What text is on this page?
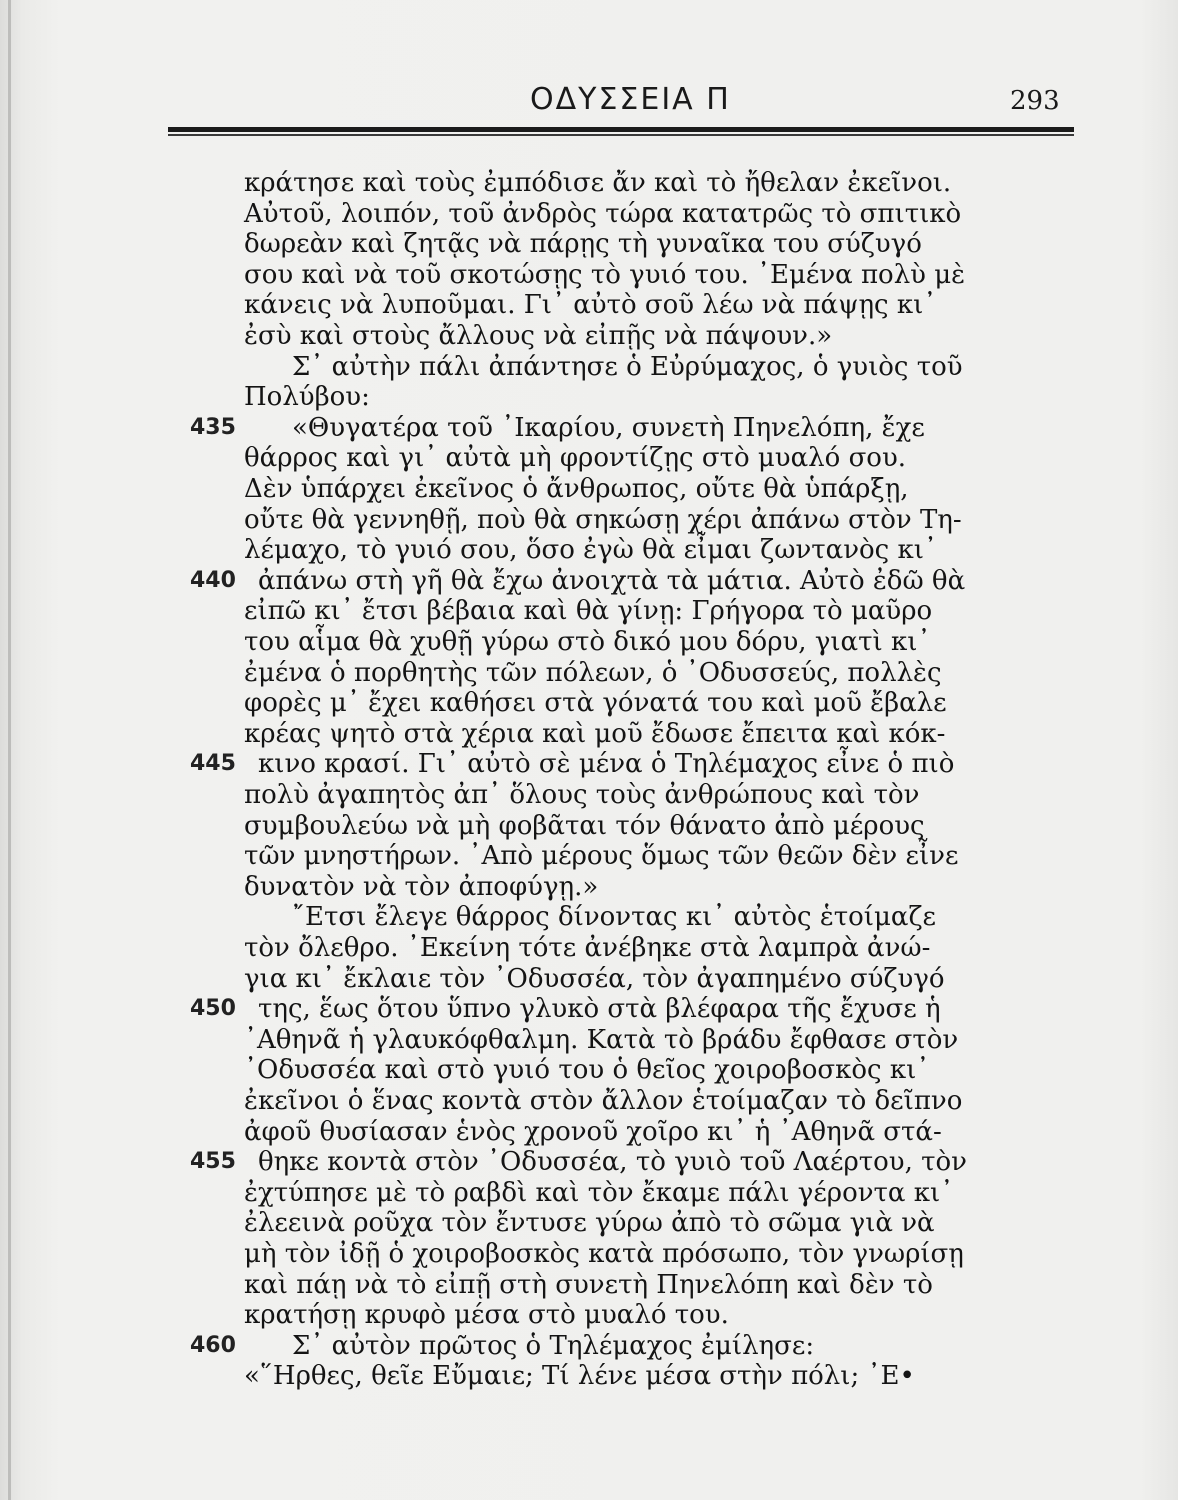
ΟΔΥΣΣΕΙΑ Π	293
κράτησε καὶ τοὺς ἐμπόδισε ἄν καὶ τὸ ἤθελαν ἐκεῖνοι.
Αὐτοῦ, λοιπόν, τοῦ ἀνδρὸς τώρα κατατρῶς τὸ σπιτικὸ
δωρεὰν καὶ ζητᾷς νὰ πάρῃς τὴ γυναῖκα του σύζυγό
σου καὶ νὰ τοῦ σκοτώσῃς τὸ γυιό του. ᾿Εμένα πολὺ μὲ
κάνεις νὰ λυποῦμαι. Γι᾿ αὐτὸ σοῦ λέω νὰ πάψῃς κι᾿
ἐσὺ καὶ στοὺς ἄλλους νὰ εἰπῇς νὰ πάψουν.»
Σ᾿ αὐτὴν πάλι ἀπάντησε ὁ Εὐρύμαχος, ὁ γυιὸς τοῦ
Πολύβου:
435 «Θυγατέρα τοῦ ᾿Ικαρίου, συνετὴ Πηνελόπη, ἔχε
θάρρος καὶ γι᾿ αὐτὰ μὴ φροντίζῃς στὸ μυαλό σου.
Δὲν ὑπάρχει ἐκεῖνος ὁ ἄνθρωπος, οὔτε θὰ ὑπάρξῃ,
οὔτε θὰ γεννηθῇ, ποὺ θὰ σηκώσῃ χέρι ἀπάνω στὸν Τη-
λέμαχο, τὸ γυιό σου, ὅσο ἐγὼ θὰ εἶμαι ζωντανὸς κι᾿
440 ἀπάνω στὴ γῆ θὰ ἔχω ἀνοιχτὰ τὰ μάτια. Αὐτὸ ἐδῶ θὰ
εἰπῶ κι᾿ ἔτσι βέβαια καὶ θὰ γίνῃ: Γρήγορα τὸ μαῦρο
του αἷμα θὰ χυθῇ γύρω στὸ δικό μου δόρυ, γιατὶ κι᾿
ἐμένα ὁ πορθητὴς τῶν πόλεων, ὁ ᾿Οδυσσεύς, πολλὲς
φορὲς μ᾿ ἔχει καθήσει στὰ γόνατά του καὶ μοῦ ἔβαλε
κρέας ψητὸ στὰ χέρια καὶ μοῦ ἔδωσε ἔπειτα καὶ κόκ-
445 κινο κρασί. Γι᾿ αὐτὸ σὲ μένα ὁ Τηλέμαχος εἶνε ὁ πιὸ
πολὺ ἀγαπητὸς ἀπ᾿ ὅλους τοὺς ἀνθρώπους καὶ τὸν
συμβουλεύω νὰ μὴ φοβᾶται τόν θάνατο ἀπὸ μέρους
τῶν μνηστήρων. ᾿Απὸ μέρους ὅμως τῶν θεῶν δὲν εἶνε
δυνατὸν νὰ τὸν ἀποφύγῃ.»
῎Ετσι ἔλεγε θάρρος δίνοντας κι᾿ αὐτὸς ἑτοίμαζε
τὸν ὄλεθρο. ᾿Εκείνη τότε ἀνέβηκε στὰ λαμπρὰ ἀνώ-
για κι᾿ ἔκλαιε τὸν ᾿Οδυσσέα, τὸν ἀγαπημένο σύζυγό
450 της, ἕως ὅτου ὕπνο γλυκὸ στὰ βλέφαρα τῆς ἔχυσε ἡ
᾿Αθηνᾶ ἡ γλαυκόφθαλμη. Κατὰ τὸ βράδυ ἔφθασε στὸν
᾿Οδυσσέα καὶ στὸ γυιό του ὁ θεῖος χοιροβοσκὸς κι᾿
ἐκεῖνοι ὁ ἕνας κοντὰ στὸν ἄλλον ἑτοίμαζαν τὸ δεῖπνο
ἀφοῦ θυσίασαν ἑνὸς χρονοῦ χοῖρο κι᾿ ἡ ᾿Αθηνᾶ στά-
455 θηκε κοντὰ στὸν ᾿Οδυσσέα, τὸ γυιὸ τοῦ Λαέρτου, τὸν
ἐχτύπησε μὲ τὸ ραβδὶ καὶ τὸν ἔκαμε πάλι γέροντα κι᾿
ἐλεεινὰ ροῦχα τὸν ἔντυσε γύρω ἀπὸ τὸ σῶμα γιὰ νὰ
μὴ τὸν ἰδῇ ὁ χοιροβοσκὸς κατὰ πρόσωπο, τὸν γνωρίσῃ
καὶ πάῃ νὰ τὸ εἰπῇ στὴ συνετὴ Πηνελόπη καὶ δὲν τὸ
κρατήσῃ κρυφὸ μέσα στὸ μυαλό του.
460 Σ᾿ αὐτὸν πρῶτος ὁ Τηλέμαχος ἐμίλησε:
«῞Ηρθες, θεῖε Εὔμαιε; Τί λένε μέσα στὴν πόλι; ᾿Ε•
